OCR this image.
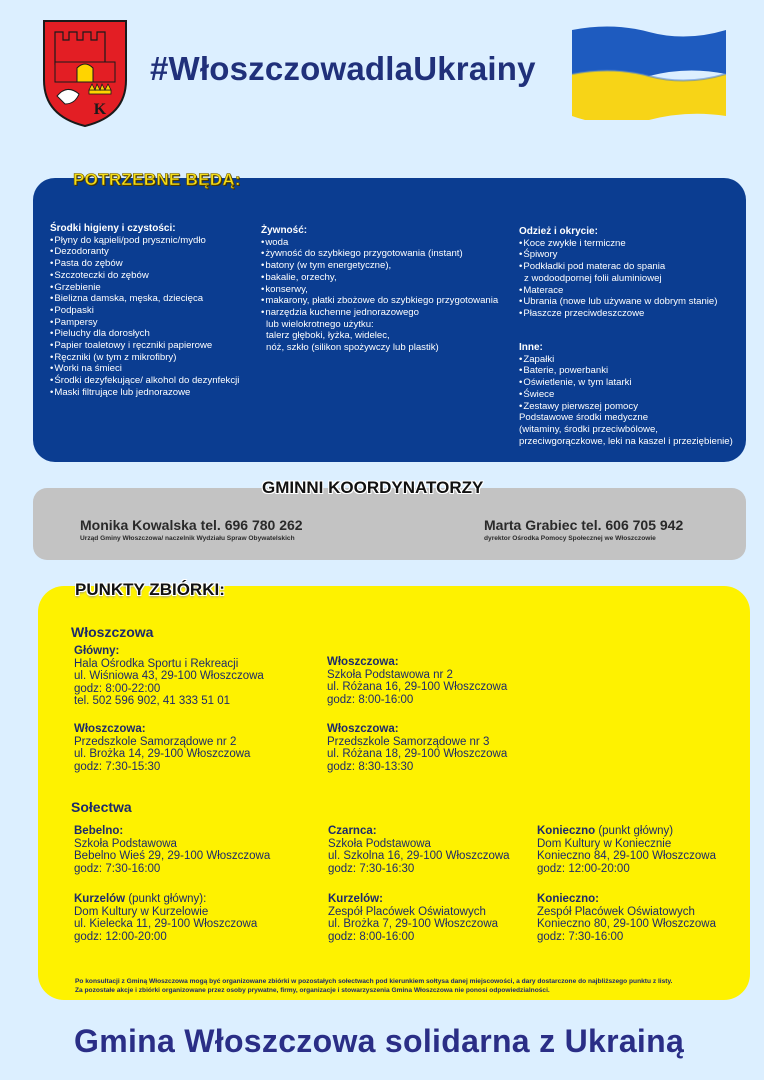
K
#WłoszczowadlaUkrainy
POTRZEBNE BĘDĄ:
Środki higieny i czystości:
• Płyny do kąpieli/pod prysznic/mydło
• Dezodoranty
• Pasta do zębów
• Szczoteczki do zębów
• Grzebienie
• Bielizna damska, męska, dziecięca
• Podpaski
• Pampersy
• Pieluchy dla dorosłych
• Papier toaletowy i ręczniki papierowe
• Ręczniki (w tym z mikrofibry)
• Worki na śmieci
• Środki dezyfekujące/ alkohol do dezynfekcji
• Maski filtrujące lub jednorazowe
Żywność:
• woda
• żywność do szybkiego przygotowania (instant)
• batony (w tym energetyczne),
• bakalie, orzechy,
• konserwy,
• makarony, płatki zbożowe do szybkiego przygotowania
• narzędzia kuchenne jednorazowego
lub wielokrotnego użytku:
talerz głęboki, łyżka, widelec,
nóż, szkło (silikon spożywczy lub plastik)
Odzież i okrycie:
• Koce zwykłe i termiczne
• Śpiwory
• Podkładki pod materac do spania
z wodoodpornej folii aluminiowej
• Materace
• Ubrania (nowe lub używane w dobrym stanie)
• Płaszcze przeciwdeszczowe
Inne:
• Zapałki
• Baterie, powerbanki
• Oświetlenie, w tym latarki
• Świece
• Zestawy pierwszej pomocy
Podstawowe środki medyczne
(witaminy, środki przeciwbólowe,
przeciwgorączkowe, leki na kaszel i przeziębienie)
GMINNI KOORDYNATORZY
Monika Kowalska tel. 696 780 262
Urząd Gminy Włoszczowa/ naczelnik Wydziału Spraw Obywatelskich
Marta Grabiec tel. 606 705 942
dyrektor Ośrodka Pomocy Społecznej we Włoszczowie
PUNKTY ZBIÓRKI:
Włoszczowa
Główny:
Hala Ośrodka Sportu i Rekreacji
ul. Wiśniowa 43, 29-100 Włoszczowa
godz: 8:00-22:00
tel. 502 596 902, 41 333 51 01
Włoszczowa:
Przedszkole Samorządowe nr 2
ul. Brożka 14, 29-100 Włoszczowa
godz: 7:30-15:30
Włoszczowa:
Szkoła Podstawowa nr 2
ul. Różana 16, 29-100 Włoszczowa
godz: 8:00-16:00
Włoszczowa:
Przedszkole Samorządowe nr 3
ul. Różana 18, 29-100 Włoszczowa
godz: 8:30-13:30
Sołectwa
Bebelno:
Szkoła Podstawowa
Bebelno Wieś 29, 29-100 Włoszczowa
godz: 7:30-16:00
Kurzelów (punkt główny):
Dom Kultury w Kurzelowie
ul. Kielecka 11, 29-100 Włoszczowa
godz: 12:00-20:00
Czarnca:
Szkoła Podstawowa
ul. Szkolna 16, 29-100 Włoszczowa
godz: 7:30-16:30
Kurzelów:
Zespół Placówek Oświatowych
ul. Brożka 7, 29-100 Włoszczowa
godz: 8:00-16:00
Konieczno (punkt główny)
Dom Kultury w Koniecznie
Konieczno 84, 29-100 Włoszczowa
godz: 12:00-20:00
Konieczno:
Zespół Placówek Oświatowych
Konieczno 80, 29-100 Włoszczowa
godz: 7:30-16:00
Po konsultacji z Gminą Włoszczowa mogą być organizowane zbiórki w pozostałych sołectwach pod kierunkiem sołtysa danej miejscowości, a dary dostarczone do najbliższego punktu z listy.
Za pozostałe akcje i zbiórki organizowane przez osoby prywatne, firmy, organizacje i stowarzyszenia Gmina Włoszczowa nie ponosi odpowiedzialności.
Gmina Włoszczowa solidarna z Ukrainą
